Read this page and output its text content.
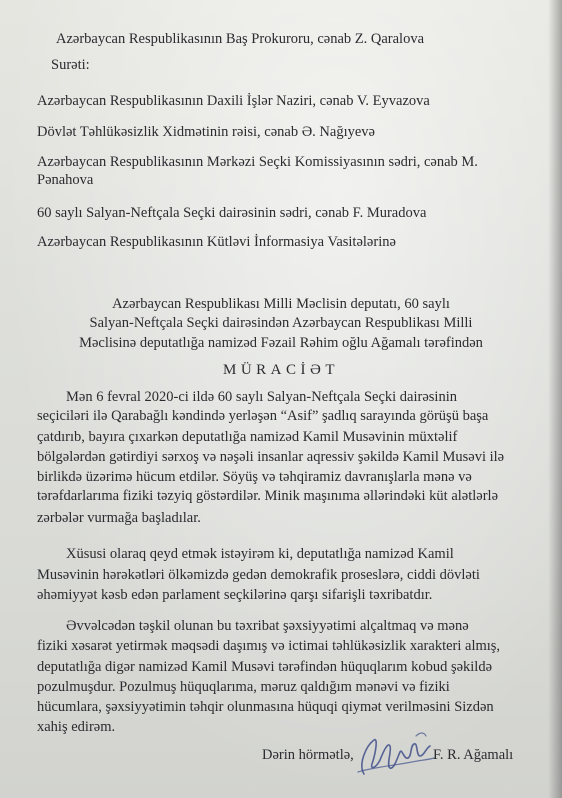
Azərbaycan Respublikasının Baş Prokuroru, cənab Z. Qaralova
Surəti:
Azərbaycan Respublikasının Daxili İşlər Naziri, cənab V. Eyvazova
Dövlət Təhlükəsizlik Xidmətinin rəisi, cənab Ə. Nağıyevə
Azərbaycan Respublikasının Mərkəzi Seçki Komissiyasının sədri, cənab M.
Pənahova
60 saylı Salyan-Neftçala Seçki dairəsinin sədri, cənab F. Muradova
Azərbaycan Respublikasının Kütləvi İnformasiya Vasitələrinə
Azərbaycan Respublikası Milli Məclisin deputatı, 60 saylı
Salyan-Neftçala Seçki dairəsindən Azərbaycan Respublikası Milli
Məclisinə deputatlığa namizəd Fəzail Rəhim oğlu Ağamalı tərəfindən
MÜRACİƏT
Mən 6 fevral 2020-ci ildə 60 saylı Salyan-Neftçala Seçki dairəsinin
seçiciləri ilə Qarabağlı kəndində yerləşən “Asif” şadlıq sarayında görüşü başa
çatdırıb, bayıra çıxarkən deputatlığa namizəd Kamil Musəvinin müxtəlif
bölgələrdən gətirdiyi sərxoş və nəşəli insanlar aqressiv şəkildə Kamil Musəvi ilə
birlikdə üzərimə hücum etdilər. Söyüş və təhqiramiz davranışlarla mənə və
tərəfdarlarıma fiziki təzyiq göstərdilər. Minik maşınıma əllərindəki küt alətlərlə
zərbələr vurmağa başladılar.
Xüsusi olaraq qeyd etmək istəyirəm ki, deputatlığa namizəd Kamil
Musəvinin hərəkətləri ölkəmizdə gedən demokrafik proseslərə, ciddi dövləti
əhəmiyyət kəsb edən parlament seçkilərinə qarşı sifarişli təxribatdır.
Əvvəlcədən təşkil olunan bu təxribat şəxsiyyətimi alçaltmaq və mənə
fiziki xəsarət yetirmək məqsədi daşımış və ictimai təhlükəsizlik xarakteri almış,
deputatlığa digər namizəd Kamil Musəvi tərəfindən hüquqlarım kobud şəkildə
pozulmuşdur. Pozulmuş hüquqlarıma, məruz qaldığım mənəvi və fiziki
hücumlara, şəxsiyyətimin təhqir olunmasına hüquqi qiymət verilməsini Sizdən
xahiş edirəm.
Dərin hörmətlə,	F. R. Ağamalı
